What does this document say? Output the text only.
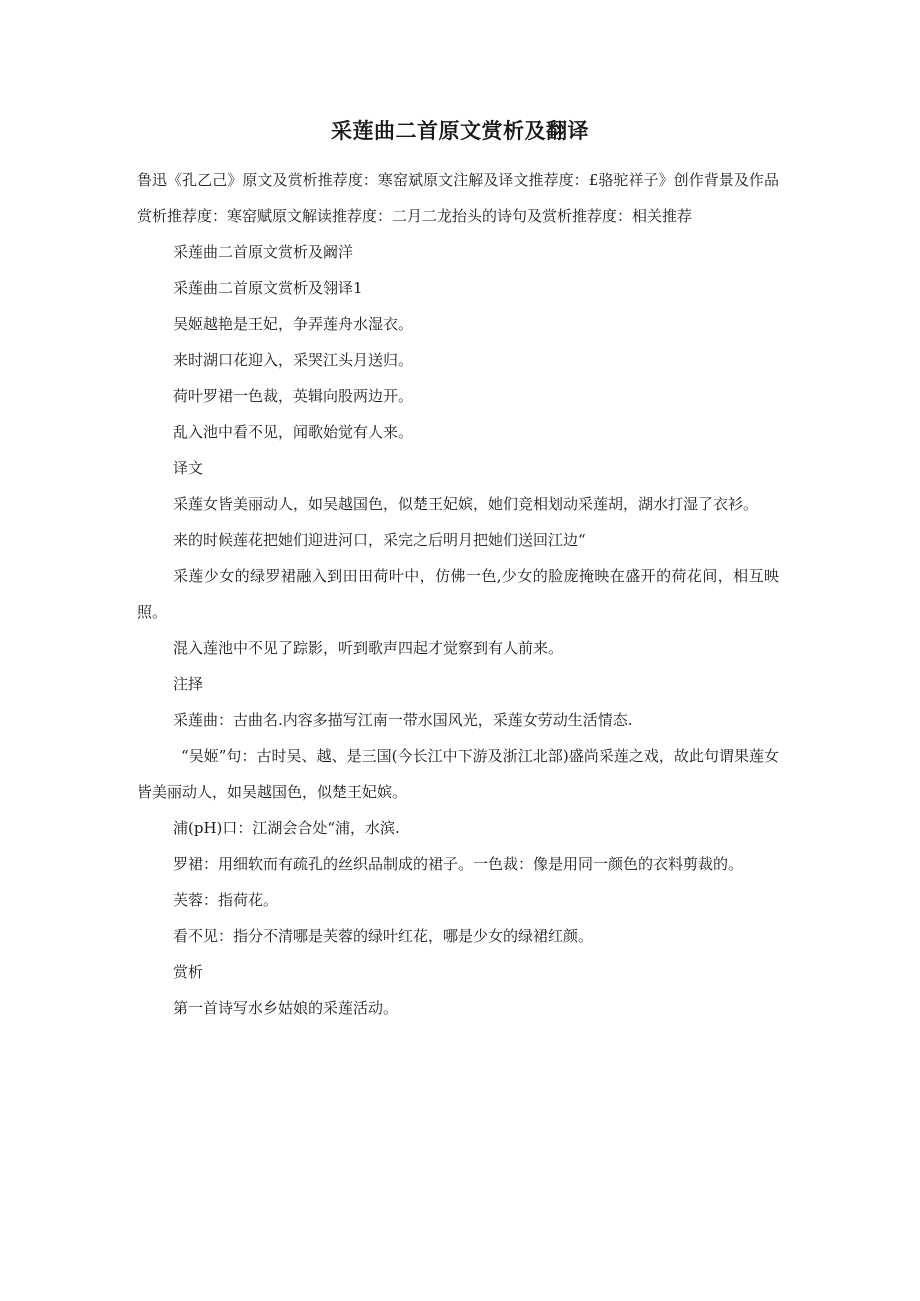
采莲曲二首原文赏析及翻译

鲁迅《孔乙己》原文及赏析推荐度：寒窑斌原文注解及译文推荐度：£骆驼祥子》创作背景及作品赏析推荐度：寒窑赋原文解读推荐度：二月二龙抬头的诗句及赏析推荐度：相关推荐

采莲曲二首原文赏析及阚洋

采莲曲二首原文赏析及翎译1

吴姬越艳是王妃，争弄莲舟水湿衣。

来时湖口花迎入，采哭江头月送归。

荷叶罗裙一色裁，英辑向股两边开。

乱入池中看不见，闻歌始觉有人来。

译文

采莲女皆美丽动人，如吴越国色，似楚王妃嫔，她们竞相划动采莲胡，湖水打湿了衣衫。

来的时候莲花把她们迎进河口，采完之后明月把她们送回江边“

采莲少女的绿罗裙融入到田田荷叶中，仿佛一色,少女的脸庞掩映在盛开的荷花间，相互映照。

混入莲池中不见了踪影，听到歌声四起才觉察到有人前来。

注择

采莲曲：古曲名.内容多描写江南一带水国风光，采莲女劳动生活情态.

“吴姬”句：古时吴、越、是三国(今长江中下游及浙江北部)盛尚采莲之戏，故此句谓果莲女皆美丽动人，如吴越国色，似楚王妃嫔。

浦(pH)口：江湖会合处“浦，水滨.

罗裙：用细软而有疏孔的丝织品制成的裙子。一色裁：像是用同一颜色的衣料剪裁的。

芙蓉：指荷花。

看不见：指分不清哪是芙蓉的绿叶红花，哪是少女的绿裙红颜。

赏析

第一首诗写水乡姑娘的采莲活动。
